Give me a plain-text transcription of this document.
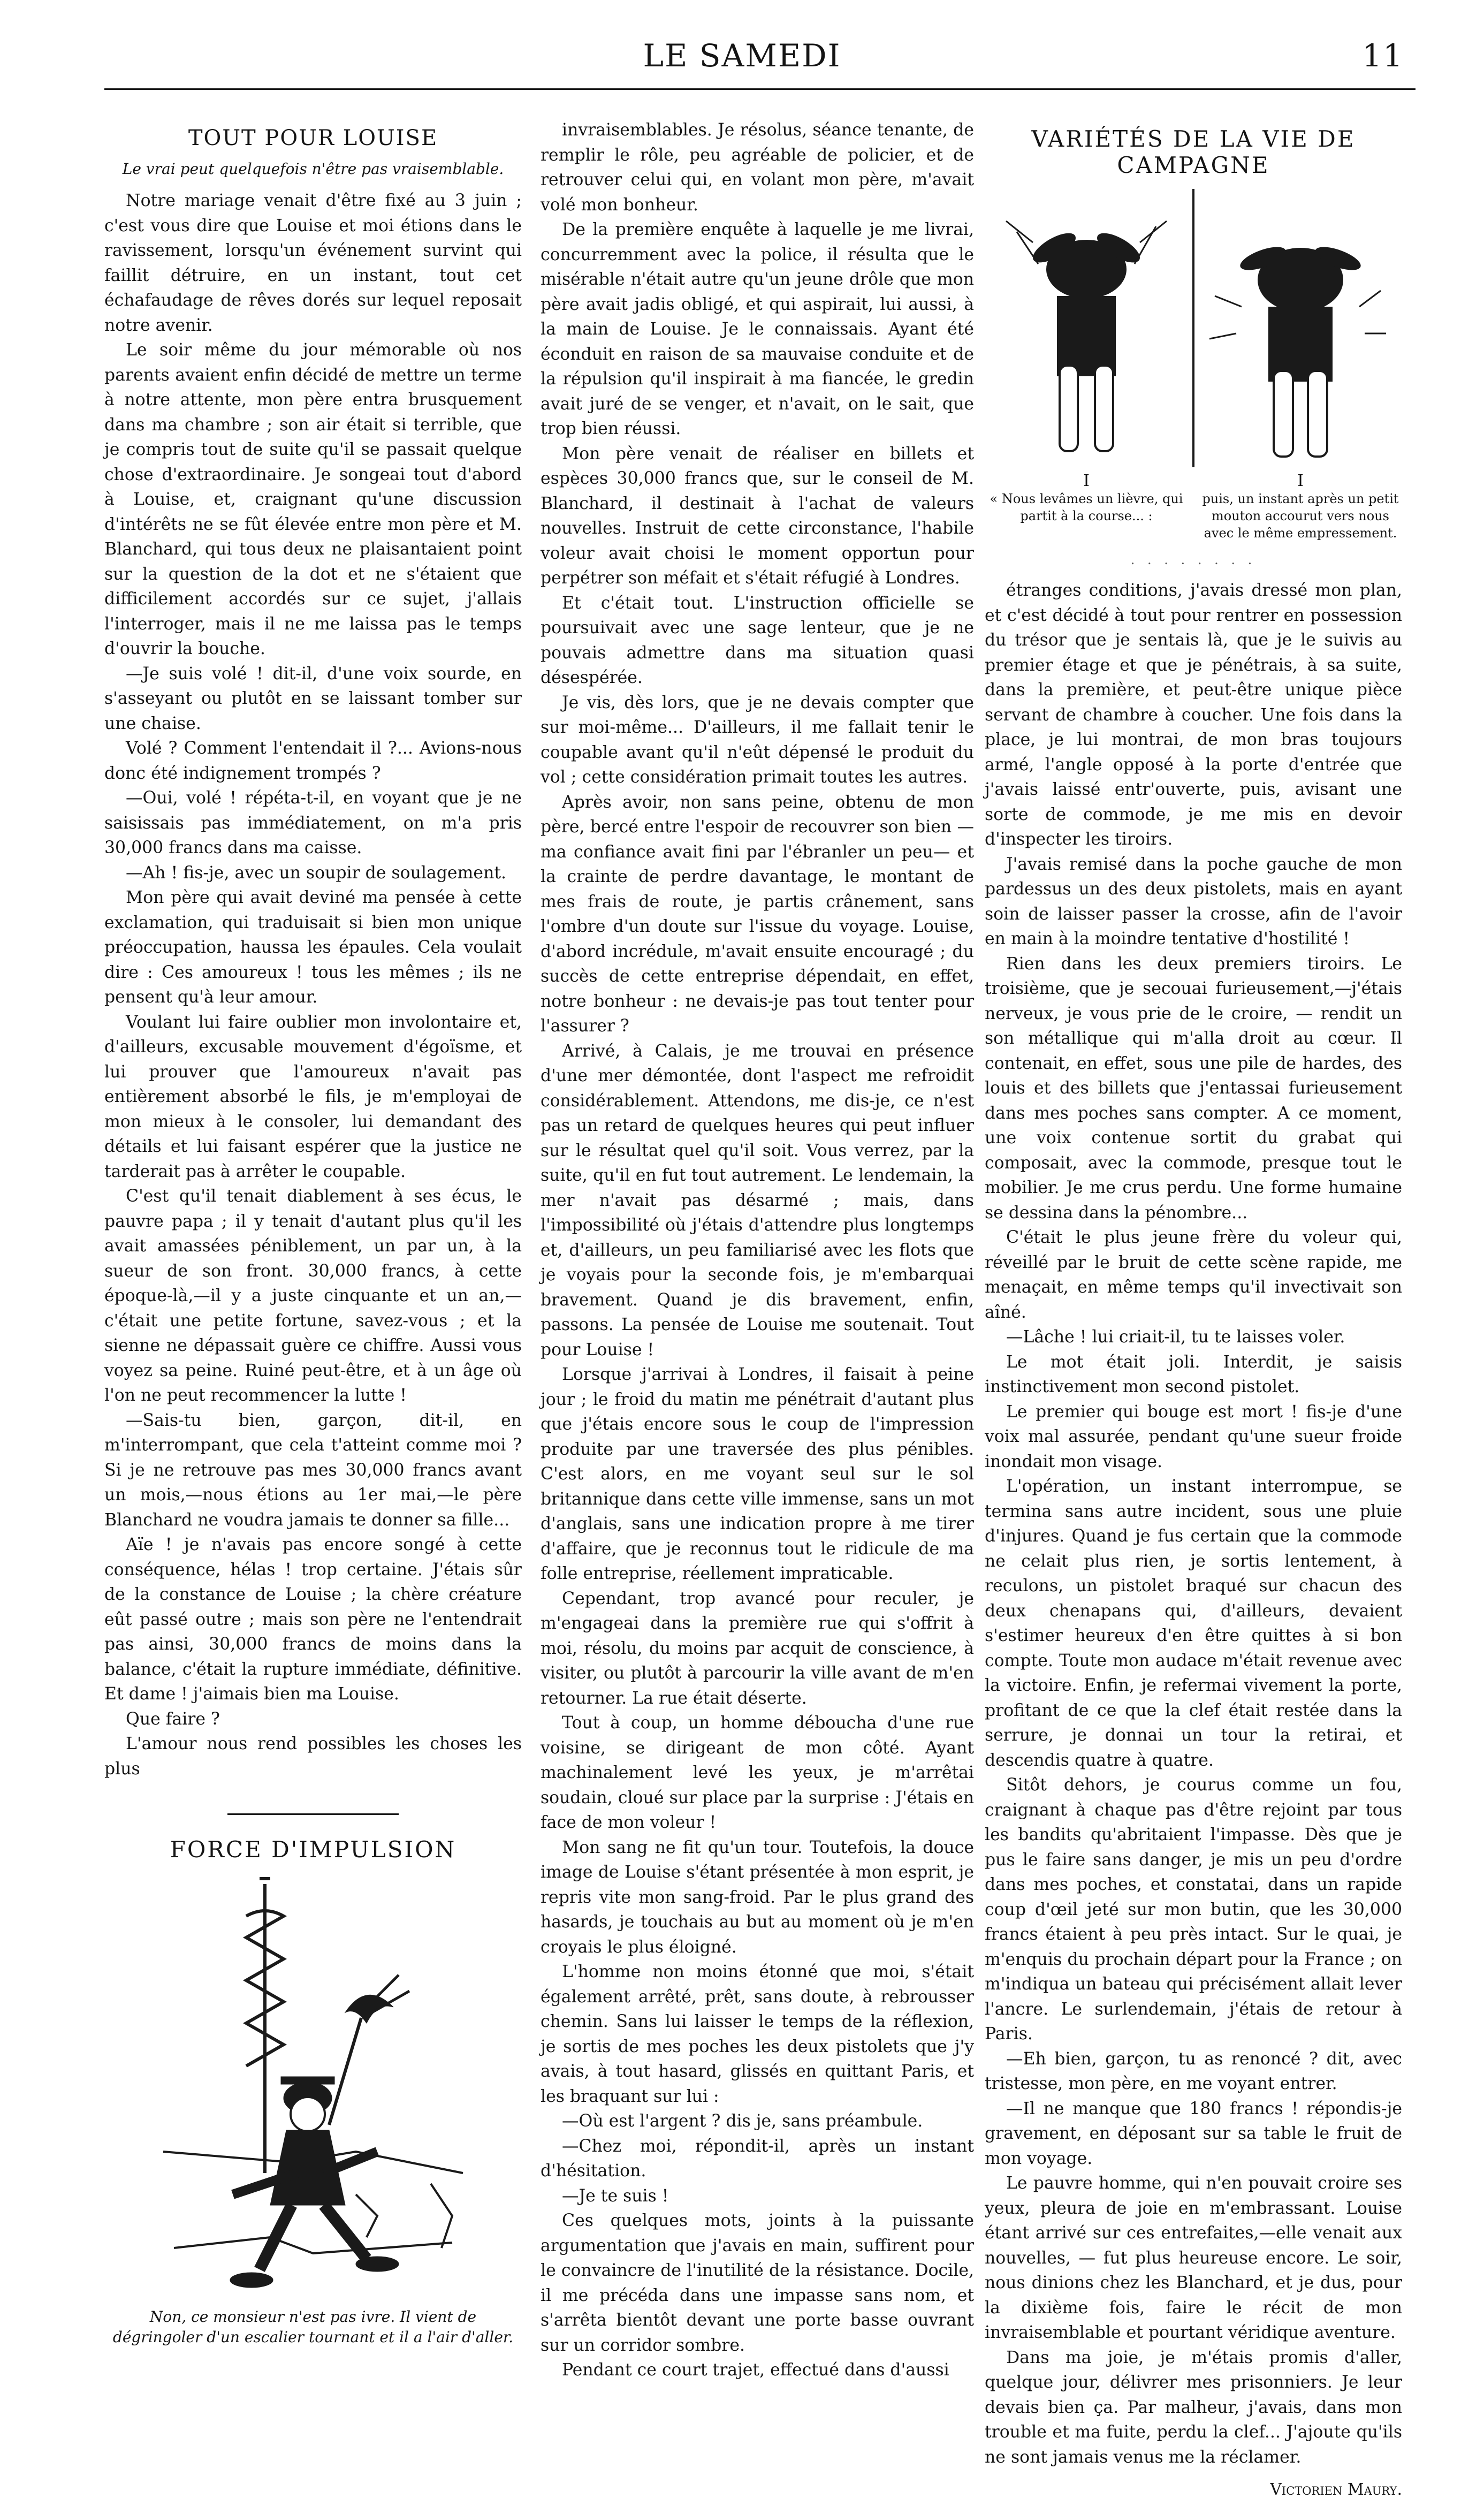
LE SAMEDI	11
TOUT POUR LOUISE
Le vrai peut quelquefois n'être pas vraisemblable.

Notre mariage venait d'être fixé au 3 juin ; c'est vous dire que Louise et moi étions dans le ravissement, lorsqu'un événement survint qui faillit détruire, en un instant, tout cet échafaudage de rêves dorés sur lequel reposait notre avenir.

Le soir même du jour mémorable où nos parents avaient enfin décidé de mettre un terme à notre attente, mon père entra brusquement dans ma chambre ; son air était si terrible, que je compris tout de suite qu'il se passait quelque chose d'extraordinaire. Je songeai tout d'abord à Louise, et, craignant qu'une discussion d'intérêts ne se fût élevée entre mon père et M. Blanchard, qui tous deux ne plaisantaient point sur la question de la dot et ne s'étaient que difficilement accordés sur ce sujet, j'allais l'interroger, mais il ne me laissa pas le temps d'ouvrir la bouche.

—Je suis volé ! dit-il, d'une voix sourde, en s'asseyant ou plutôt en se laissant tomber sur une chaise.

Volé ? Comment l'entendait il ?... Avions-nous donc été indignement trompés ?

—Oui, volé ! répéta-t-il, en voyant que je ne saisissais pas immédiatement, on m'a pris 30,000 francs dans ma caisse.

—Ah ! fis-je, avec un soupir de soulagement.

Mon père qui avait deviné ma pensée à cette exclamation, qui traduisait si bien mon unique préoccupation, haussa les épaules. Cela voulait dire : Ces amoureux ! tous les mêmes ; ils ne pensent qu'à leur amour.

Voulant lui faire oublier mon involontaire et, d'ailleurs, excusable mouvement d'égoïsme, et lui prouver que l'amoureux n'avait pas entièrement absorbé le fils, je m'employai de mon mieux à le consoler, lui demandant des détails et lui faisant espérer que la justice ne tarderait pas à arrêter le coupable.

C'est qu'il tenait diablement à ses écus, le pauvre papa ; il y tenait d'autant plus qu'il les avait amassées péniblement, un par un, à la sueur de son front. 30,000 francs, à cette époque-là,—il y a juste cinquante et un an,—c'était une petite fortune, savez-vous ; et la sienne ne dépassait guère ce chiffre. Aussi vous voyez sa peine. Ruiné peut-être, et à un âge où l'on ne peut recommencer la lutte !

—Sais-tu bien, garçon, dit-il, en m'interrompant, que cela t'atteint comme moi ? Si je ne retrouve pas mes 30,000 francs avant un mois,—nous étions au 1er mai,—le père Blanchard ne voudra jamais te donner sa fille...

Aïe ! je n'avais pas encore songé à cette conséquence, hélas ! trop certaine. J'étais sûr de la constance de Louise ; la chère créature eût passé outre ; mais son père ne l'entendrait pas ainsi, 30,000 francs de moins dans la balance, c'était la rupture immédiate, définitive. Et dame ! j'aimais bien ma Louise.

Que faire ?

L'amour nous rend possibles les choses les plus

FORCE D'IMPULSION
Non, ce monsieur n'est pas ivre. Il vient de dégringoler d'un escalier tournant et il a l'air d'aller.

invraisemblables. Je résolus, séance tenante, de remplir le rôle, peu agréable de policier, et de retrouver celui qui, en volant mon père, m'avait volé mon bonheur.

De la première enquête à laquelle je me livrai, concurremment avec la police, il résulta que le misérable n'était autre qu'un jeune drôle que mon père avait jadis obligé, et qui aspirait, lui aussi, à la main de Louise. Je le connaissais. Ayant été éconduit en raison de sa mauvaise conduite et de la répulsion qu'il inspirait à ma fiancée, le gredin avait juré de se venger, et n'avait, on le sait, que trop bien réussi.

Mon père venait de réaliser en billets et espèces 30,000 francs que, sur le conseil de M. Blanchard, il destinait à l'achat de valeurs nouvelles. Instruit de cette circonstance, l'habile voleur avait choisi le moment opportun pour perpétrer son méfait et s'était réfugié à Londres.

Et c'était tout. L'instruction officielle se poursuivait avec une sage lenteur, que je ne pouvais admettre dans ma situation quasi désespérée.

Je vis, dès lors, que je ne devais compter que sur moi-même... D'ailleurs, il me fallait tenir le coupable avant qu'il n'eût dépensé le produit du vol ; cette considération primait toutes les autres.

Après avoir, non sans peine, obtenu de mon père, bercé entre l'espoir de recouvrer son bien —ma confiance avait fini par l'ébranler un peu— et la crainte de perdre davantage, le montant de mes frais de route, je partis crânement, sans l'ombre d'un doute sur l'issue du voyage. Louise, d'abord incrédule, m'avait ensuite encouragé ; du succès de cette entreprise dépendait, en effet, notre bonheur : ne devais-je pas tout tenter pour l'assurer ?

Arrivé, à Calais, je me trouvai en présence d'une mer démontée, dont l'aspect me refroidit considérablement. Attendons, me dis-je, ce n'est pas un retard de quelques heures qui peut influer sur le résultat quel qu'il soit. Vous verrez, par la suite, qu'il en fut tout autrement. Le lendemain, la mer n'avait pas désarmé ; mais, dans l'impossibilité où j'étais d'attendre plus longtemps et, d'ailleurs, un peu familiarisé avec les flots que je voyais pour la seconde fois, je m'embarquai bravement. Quand je dis bravement, enfin, passons. La pensée de Louise me soutenait. Tout pour Louise !

Lorsque j'arrivai à Londres, il faisait à peine jour ; le froid du matin me pénétrait d'autant plus que j'étais encore sous le coup de l'impression produite par une traversée des plus pénibles. C'est alors, en me voyant seul sur le sol britannique dans cette ville immense, sans un mot d'anglais, sans une indication propre à me tirer d'affaire, que je reconnus tout le ridicule de ma folle entreprise, réellement impraticable.

Cependant, trop avancé pour reculer, je m'engageai dans la première rue qui s'offrit à moi, résolu, du moins par acquit de conscience, à visiter, ou plutôt à parcourir la ville avant de m'en retourner. La rue était déserte.

Tout à coup, un homme déboucha d'une rue voisine, se dirigeant de mon côté. Ayant machinalement levé les yeux, je m'arrêtai soudain, cloué sur place par la surprise : J'étais en face de mon voleur !

Mon sang ne fit qu'un tour. Toutefois, la douce image de Louise s'étant présentée à mon esprit, je repris vite mon sang-froid. Par le plus grand des hasards, je touchais au but au moment où je m'en croyais le plus éloigné.

L'homme non moins étonné que moi, s'était également arrêté, prêt, sans doute, à rebrousser chemin. Sans lui laisser le temps de la réflexion, je sortis de mes poches les deux pistolets que j'y avais, à tout hasard, glissés en quittant Paris, et les braquant sur lui :

—Où est l'argent ? dis je, sans préambule.

—Chez moi, répondit-il, après un instant d'hésitation.

—Je te suis !

Ces quelques mots, joints à la puissante argumentation que j'avais en main, suffirent pour le convaincre de l'inutilité de la résistance. Docile, il me précéda dans une impasse sans nom, et s'arrêta bientôt devant une porte basse ouvrant sur un corridor sombre.

Pendant ce court trajet, effectué dans d'aussi

VARIÉTÉS DE LA VIE DE CAMPAGNE
I
« Nous levâmes un lièvre, qui partit à la course... :
I
puis, un instant après un petit mouton accourut vers nous avec le même empressement.
. . . . . . . .

étranges conditions, j'avais dressé mon plan, et c'est décidé à tout pour rentrer en possession du trésor que je sentais là, que je le suivis au premier étage et que je pénétrais, à sa suite, dans la première, et peut-être unique pièce servant de chambre à coucher. Une fois dans la place, je lui montrai, de mon bras toujours armé, l'angle opposé à la porte d'entrée que j'avais laissé entr'ouverte, puis, avisant une sorte de commode, je me mis en devoir d'inspecter les tiroirs.

J'avais remisé dans la poche gauche de mon pardessus un des deux pistolets, mais en ayant soin de laisser passer la crosse, afin de l'avoir en main à la moindre tentative d'hostilité !

Rien dans les deux premiers tiroirs. Le troisième, que je secouai furieusement,—j'étais nerveux, je vous prie de le croire, — rendit un son métallique qui m'alla droit au cœur. Il contenait, en effet, sous une pile de hardes, des louis et des billets que j'entassai furieusement dans mes poches sans compter. A ce moment, une voix contenue sortit du grabat qui composait, avec la commode, presque tout le mobilier. Je me crus perdu. Une forme humaine se dessina dans la pénombre...

C'était le plus jeune frère du voleur qui, réveillé par le bruit de cette scène rapide, me menaçait, en même temps qu'il invectivait son aîné.

—Lâche ! lui criait-il, tu te laisses voler.

Le mot était joli. Interdit, je saisis instinctivement mon second pistolet.

Le premier qui bouge est mort ! fis-je d'une voix mal assurée, pendant qu'une sueur froide inondait mon visage.

L'opération, un instant interrompue, se termina sans autre incident, sous une pluie d'injures. Quand je fus certain que la commode ne celait plus rien, je sortis lentement, à reculons, un pistolet braqué sur chacun des deux chenapans qui, d'ailleurs, devaient s'estimer heureux d'en être quittes à si bon compte. Toute mon audace m'était revenue avec la victoire. Enfin, je refermai vivement la porte, profitant de ce que la clef était restée dans la serrure, je donnai un tour la retirai, et descendis quatre à quatre.

Sitôt dehors, je courus comme un fou, craignant à chaque pas d'être rejoint par tous les bandits qu'abritaient l'impasse. Dès que je pus le faire sans danger, je mis un peu d'ordre dans mes poches, et constatai, dans un rapide coup d'œil jeté sur mon butin, que les 30,000 francs étaient à peu près intact. Sur le quai, je m'enquis du prochain départ pour la France ; on m'indiqua un bateau qui précisément allait lever l'ancre. Le surlendemain, j'étais de retour à Paris.

—Eh bien, garçon, tu as renoncé ? dit, avec tristesse, mon père, en me voyant entrer.

—Il ne manque que 180 francs ! répondis-je gravement, en déposant sur sa table le fruit de mon voyage.

Le pauvre homme, qui n'en pouvait croire ses yeux, pleura de joie en m'embrassant. Louise étant arrivé sur ces entrefaites,—elle venait aux nouvelles, — fut plus heureuse encore. Le soir, nous dinions chez les Blanchard, et je dus, pour la dixième fois, faire le récit de mon invraisemblable et pourtant véridique aventure.

Dans ma joie, je m'étais promis d'aller, quelque jour, délivrer mes prisonniers. Je leur devais bien ça. Par malheur, j'avais, dans mon trouble et ma fuite, perdu la clef... J'ajoute qu'ils ne sont jamais venus me la réclamer.

Victorien Maury.
